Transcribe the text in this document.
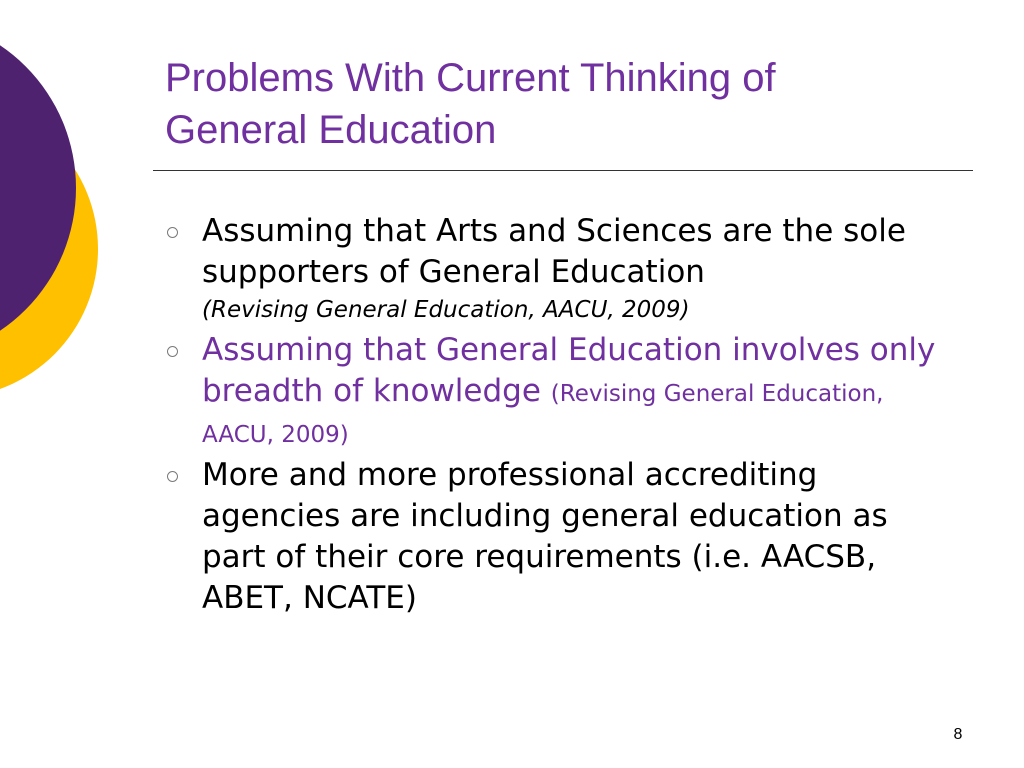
Problems With Current Thinking of
General Education
Assuming that Arts and Sciences are the sole supporters of General Education
(Revising General Education, AACU, 2009)
Assuming that General Education involves only breadth of knowledge (Revising General Education, AACU, 2009)
More and more professional accrediting agencies are including general education as part of their core requirements (i.e. AACSB, ABET, NCATE)
8
